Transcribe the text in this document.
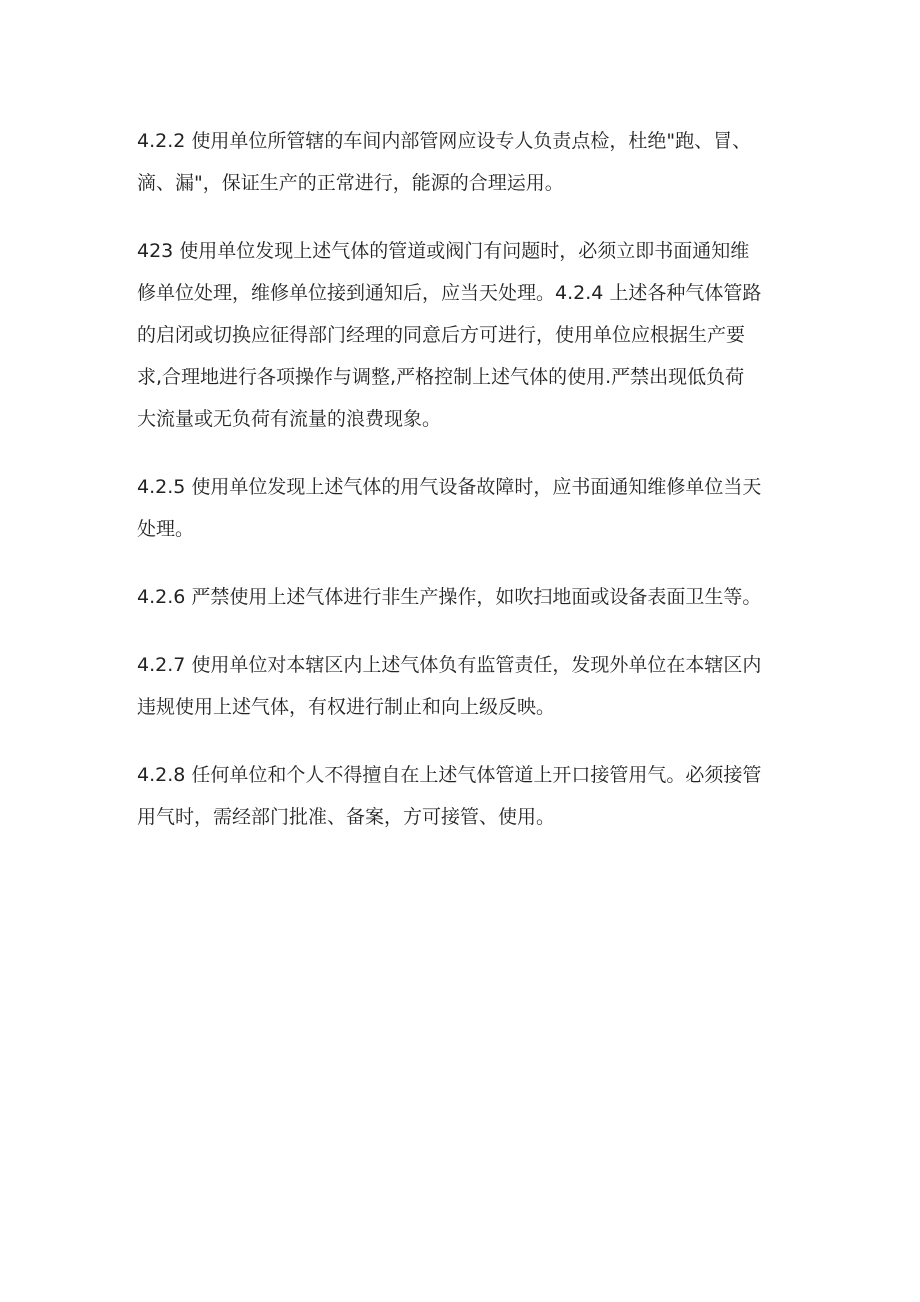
4.2.2 使用单位所管辖的车间内部管网应设专人负责点检，杜绝"跑、冒、
滴、漏"，保证生产的正常进行，能源的合理运用。

423 使用单位发现上述气体的管道或阀门有问题时，必须立即书面通知维
修单位处理，维修单位接到通知后，应当天处理。4.2.4 上述各种气体管路
的启闭或切换应征得部门经理的同意后方可进行，使用单位应根据生产要
求,合理地进行各项操作与调整,严格控制上述气体的使用.严禁出现低负荷
大流量或无负荷有流量的浪费现象。

4.2.5 使用单位发现上述气体的用气设备故障时，应书面通知维修单位当天
处理。

4.2.6 严禁使用上述气体进行非生产操作，如吹扫地面或设备表面卫生等。

4.2.7 使用单位对本辖区内上述气体负有监管责任，发现外单位在本辖区内
违规使用上述气体，有权进行制止和向上级反映。

4.2.8 任何单位和个人不得擅自在上述气体管道上开口接管用气。必须接管
用气时，需经部门批准、备案，方可接管、使用。
